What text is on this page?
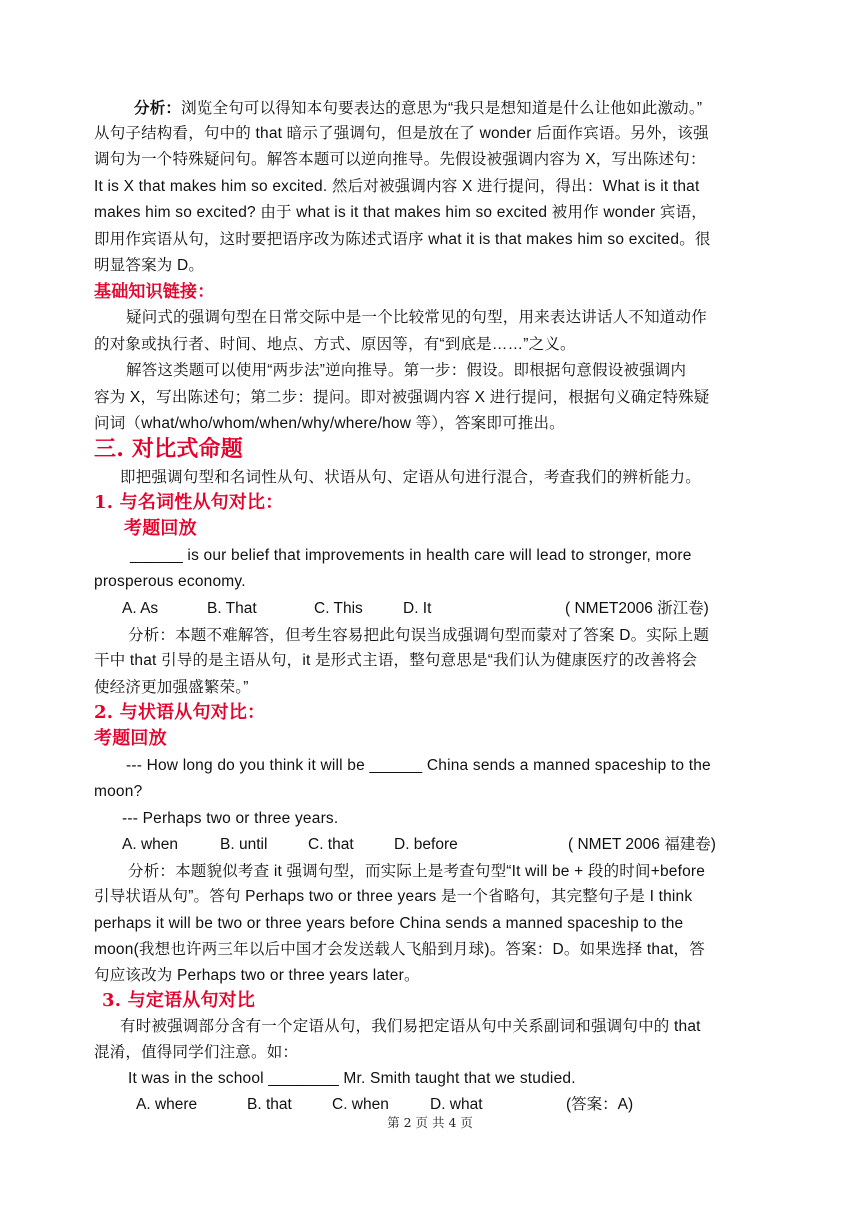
分析：浏览全句可以得知本句要表达的意思为“我只是想知道是什么让他如此激动。”
从句子结构看，句中的 that 暗示了强调句，但是放在了 wonder 后面作宾语。另外，该强
调句为一个特殊疑问句。解答本题可以逆向推导。先假设被强调内容为 X，写出陈述句：
It is X that makes him so excited. 然后对被强调内容 X 进行提问，得出：What is it that
makes him so excited? 由于 what is it that makes him so excited 被用作 wonder 宾语，
即用作宾语从句，这时要把语序改为陈述式语序 what it is that makes him so excited。很
明显答案为 D。
基础知识链接：
疑问式的强调句型在日常交际中是一个比较常见的句型，用来表达讲话人不知道动作
的对象或执行者、时间、地点、方式、原因等，有“到底是……”之义。
解答这类题可以使用“两步法”逆向推导。第一步：假设。即根据句意假设被强调内
容为 X，写出陈述句；第二步：提问。即对被强调内容 X 进行提问，根据句义确定特殊疑
问词（what/who/whom/when/why/where/how 等），答案即可推出。
三. 对比式命题
即把强调句型和名词性从句、状语从句、定语从句进行混合，考查我们的辨析能力。
1. 与名词性从句对比：
考题回放
______ is our belief that improvements in health care will lead to stronger, more
prosperous economy.
A. As	B. That	C. This	D. It	( NMET2006 浙江卷)
分析：本题不难解答，但考生容易把此句误当成强调句型而蒙对了答案 D。实际上题
干中 that 引导的是主语从句，it 是形式主语，整句意思是“我们认为健康医疗的改善将会
使经济更加强盛繁荣。”
2. 与状语从句对比：
考题回放
--- How long do you think it will be ______ China sends a manned spaceship to the
moon?
--- Perhaps two or three years.
A. when	B. until	C. that	D. before	( NMET 2006 福建卷)
分析：本题貌似考查 it 强调句型，而实际上是考查句型“It will be + 段的时间+before
引导状语从句”。答句 Perhaps two or three years 是一个省略句，其完整句子是 I think
perhaps it will be two or three years before China sends a manned spaceship to the
moon(我想也许两三年以后中国才会发送载人飞船到月球)。答案：D。如果选择 that，答
句应该改为 Perhaps two or three years later。
3. 与定语从句对比
有时被强调部分含有一个定语从句，我们易把定语从句中关系副词和强调句中的 that
混淆，值得同学们注意。如：
It was in the school ________ Mr. Smith taught that we studied.
A. where	B. that	C. when	D. what	(答案：A)
第 2 页 共 4 页
